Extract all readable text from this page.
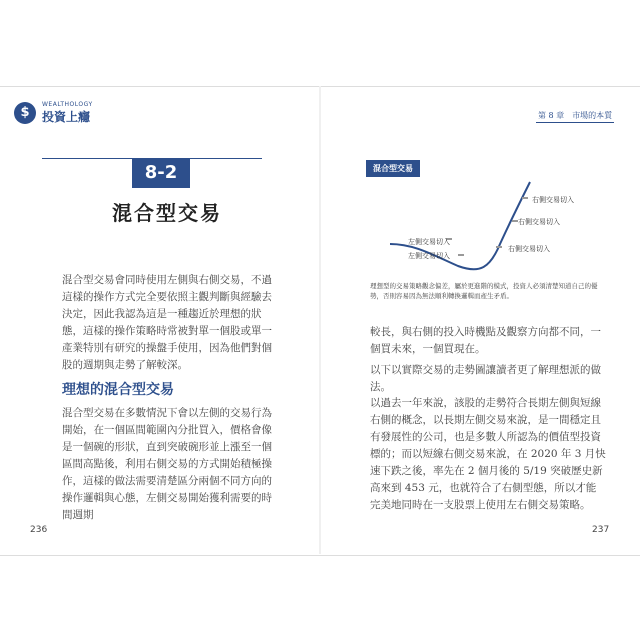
$
WEALTHOLOGY
投資上癮	第 8 章 市場的本質
8-2
混合型交易

混合型交易會同時使用左側與右側交易，不過這樣的操作方式完全要依照主觀判斷與經驗去決定，因此我認為這是一種趨近於理想的狀態，這樣的操作策略時常被對單一個股或單一產業特別有研究的操盤手使用，因為他們對個股的週期與走勢了解較深。

理想的混合型交易

混合型交易在多數情況下會以左側的交易行為開始，在一個區間範圍內分批買入，價格會像是一個碗的形狀，直到突破碗形並上漲至一個區間高點後，利用右側交易的方式開始積極操作，這樣的做法需要清楚區分兩個不同方向的操作邏輯與心態，左側交易開始獲利需要的時間週期

236
混合型交易
左側交易切入
左側交易切入
右側交易切入
右側交易切入
右側交易切入

理想型的交易策略觀念偏差，屬於更進階的模式，投資人必須清楚知道自己的優勢，否則容易因為無法順利轉換邏輯而產生矛盾。

較長，與右側的投入時機點及觀察方向都不同，一個買未來，一個買現在。

以下以實際交易的走勢圖讓讀者更了解理想派的做法。

以過去一年來說，該股的走勢符合長期左側與短線右側的概念，以長期左側交易來說，是一間穩定且有發展性的公司，也是多數人所認為的價值型投資標的；而以短線右側交易來說，在 2020 年 3 月快速下跌之後，率先在 2 個月後的 5/19 突破歷史新高來到 453 元，也就符合了右側型態，所以才能完美地同時在一支股票上使用左右側交易策略。

237
